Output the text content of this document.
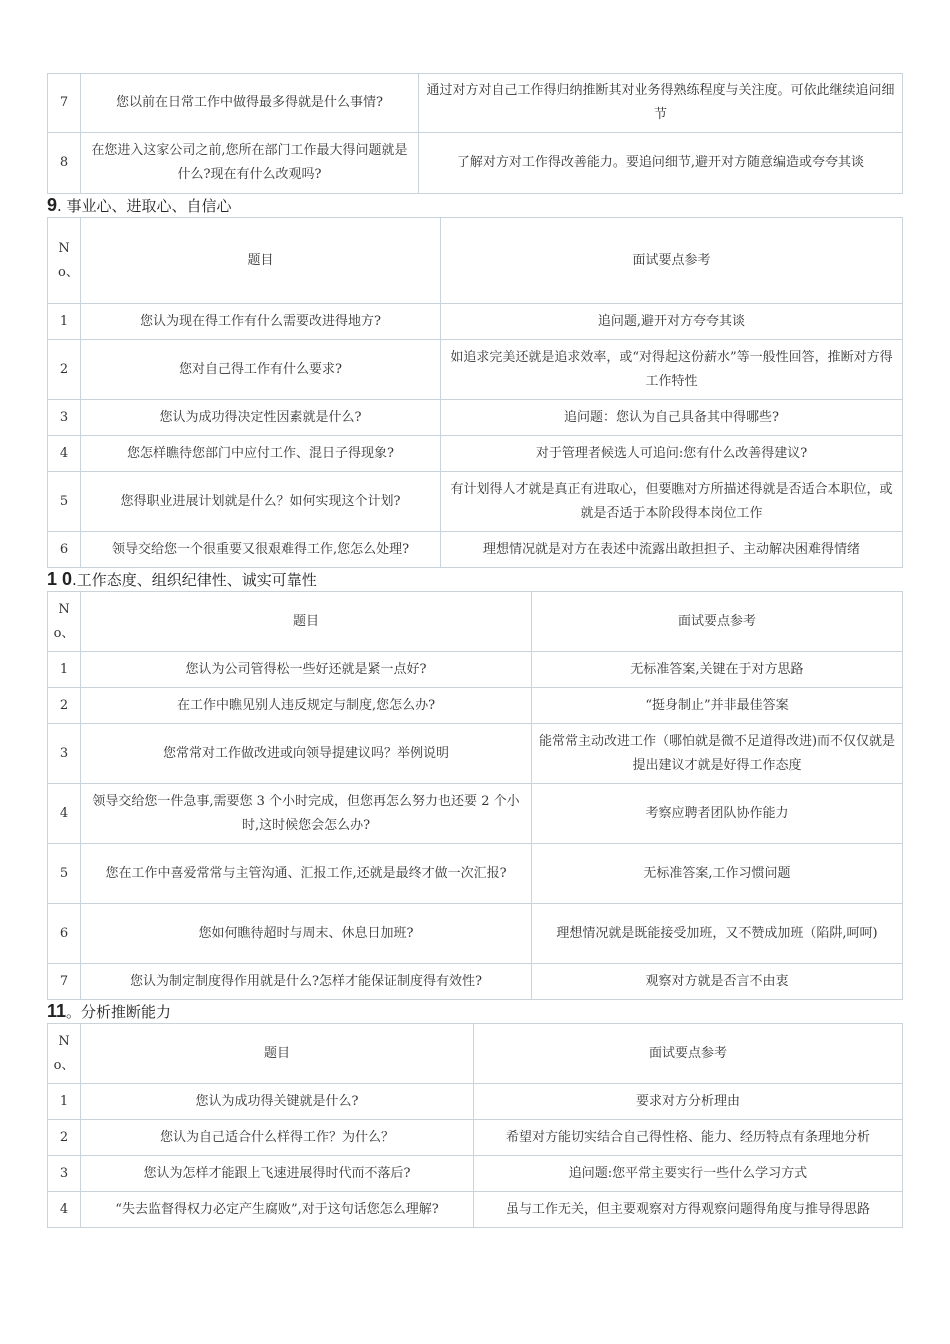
7	您以前在日常工作中做得最多得就是什么事情?	通过对方对自己工作得归纳推断其对业务得熟练程度与关注度。可依此继续追问细节
8	在您进入这家公司之前,您所在部门工作最大得问题就是什么?现在有什么改观吗?	了解对方对工作得改善能力。要追问细节,避开对方随意编造或夸夸其谈
9. 事业心、进取心、自信心
No、	题目	面试要点参考
1	您认为现在得工作有什么需要改进得地方?	追问题,避开对方夸夸其谈
2	您对自己得工作有什么要求?	如追求完美还就是追求效率，或“对得起这份薪水”等一般性回答，推断对方得工作特性
3	您认为成功得决定性因素就是什么?	追问题：您认为自己具备其中得哪些?
4	您怎样瞧待您部门中应付工作、混日子得现象?	对于管理者候选人可追问:您有什么改善得建议?
5	您得职业进展计划就是什么？如何实现这个计划?	有计划得人才就是真正有进取心，但要瞧对方所描述得就是否适合本职位，或就是否适于本阶段得本岗位工作
6	领导交给您一个很重要又很艰难得工作,您怎么处理?	理想情况就是对方在表述中流露出敢担担子、主动解决困难得情绪
1 0.工作态度、组织纪律性、诚实可靠性
No、	题目	面试要点参考
1	您认为公司管得松一些好还就是紧一点好?	无标准答案,关键在于对方思路
2	在工作中瞧见别人违反规定与制度,您怎么办?	“挺身制止”并非最佳答案
3	您常常对工作做改进或向领导提建议吗？举例说明	能常常主动改进工作（哪怕就是微不足道得改进)而不仅仅就是提出建议才就是好得工作态度
4	领导交给您一件急事,需要您 3 个小时完成，但您再怎么努力也还要 2 个小时,这时候您会怎么办?	考察应聘者团队协作能力
5	您在工作中喜爱常常与主管沟通、汇报工作,还就是最终才做一次汇报?	无标准答案,工作习惯问题
6	您如何瞧待超时与周末、休息日加班?	理想情况就是既能接受加班，又不赞成加班（陷阱,呵呵)
7	您认为制定制度得作用就是什么?怎样才能保证制度得有效性?	观察对方就是否言不由衷
11。分析推断能力
No、	题目	面试要点参考
1	您认为成功得关键就是什么?	要求对方分析理由
2	您认为自己适合什么样得工作？为什么？	希望对方能切实结合自己得性格、能力、经历特点有条理地分析
3	您认为怎样才能跟上飞速进展得时代而不落后?	追问题:您平常主要实行一些什么学习方式
4	“失去监督得权力必定产生腐败”,对于这句话您怎么理解?	虽与工作无关，但主要观察对方得观察问题得角度与推导得思路
